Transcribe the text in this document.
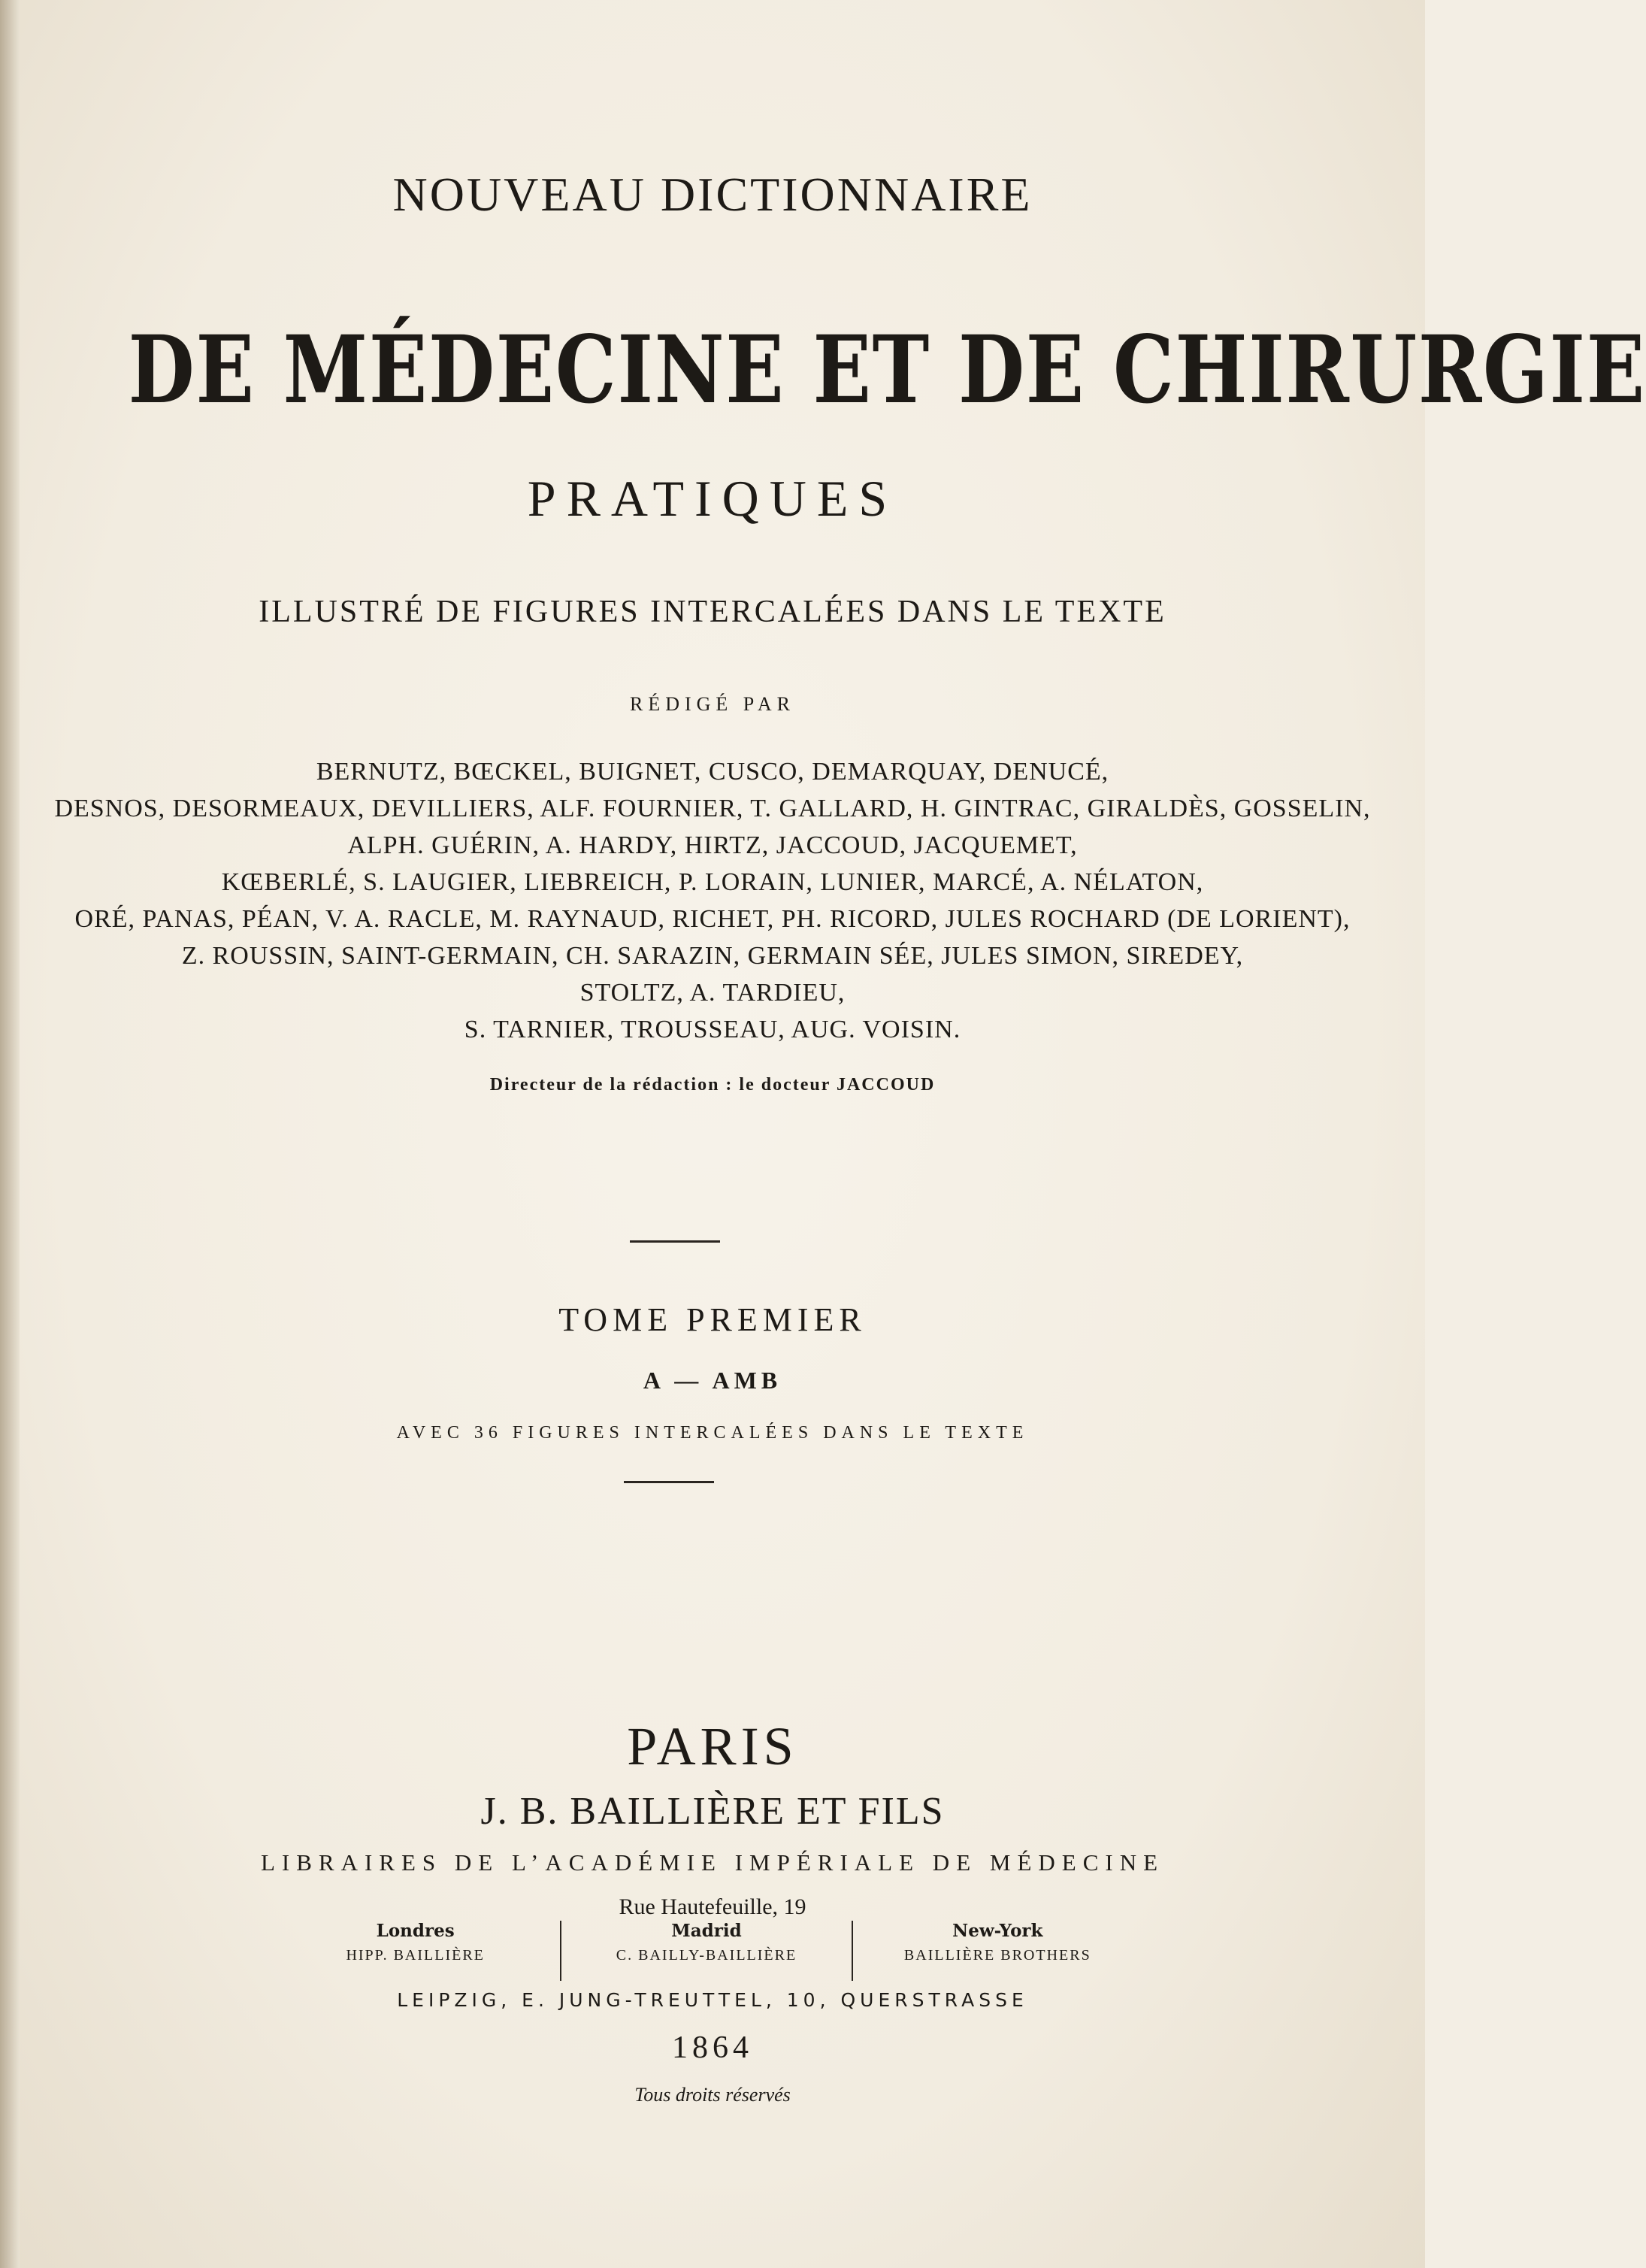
NOUVEAU DICTIONNAIRE
DE MÉDECINE ET DE CHIRURGIE
PRATIQUES
ILLUSTRÉ DE FIGURES INTERCALÉES DANS LE TEXTE
RÉDIGÉ PAR
BERNUTZ, BŒCKEL, BUIGNET, CUSCO, DEMARQUAY, DENUCÉ,
DESNOS, DESORMEAUX, DEVILLIERS, ALF. FOURNIER, T. GALLARD, H. GINTRAC, GIRALDÈS, GOSSELIN,
ALPH. GUÉRIN, A. HARDY, HIRTZ, JACCOUD, JACQUEMET,
KŒBERLÉ, S. LAUGIER, LIEBREICH, P. LORAIN, LUNIER, MARCÉ, A. NÉLATON,
ORÉ, PANAS, PÉAN, V. A. RACLE, M. RAYNAUD, RICHET, PH. RICORD, JULES ROCHARD (DE LORIENT),
Z. ROUSSIN, SAINT-GERMAIN, CH. SARAZIN, GERMAIN SÉE, JULES SIMON, SIREDEY,
STOLTZ, A. TARDIEU,
S. TARNIER, TROUSSEAU, AUG. VOISIN.
Directeur de la rédaction : le docteur JACCOUD
TOME PREMIER
A — AMB
AVEC 36 FIGURES INTERCALÉES DANS LE TEXTE
PARIS
J. B. BAILLIÈRE ET FILS
LIBRAIRES DE L’ACADÉMIE IMPÉRIALE DE MÉDECINE
Rue Hautefeuille, 19
Londres
HIPP. BAILLIÈRE
Madrid
C. BAILLY-BAILLIÈRE
New-York
BAILLIÈRE BROTHERS
LEIPZIG, E. JUNG-TREUTTEL, 10, QUERSTRASSE
1864
Tous droits réservés
